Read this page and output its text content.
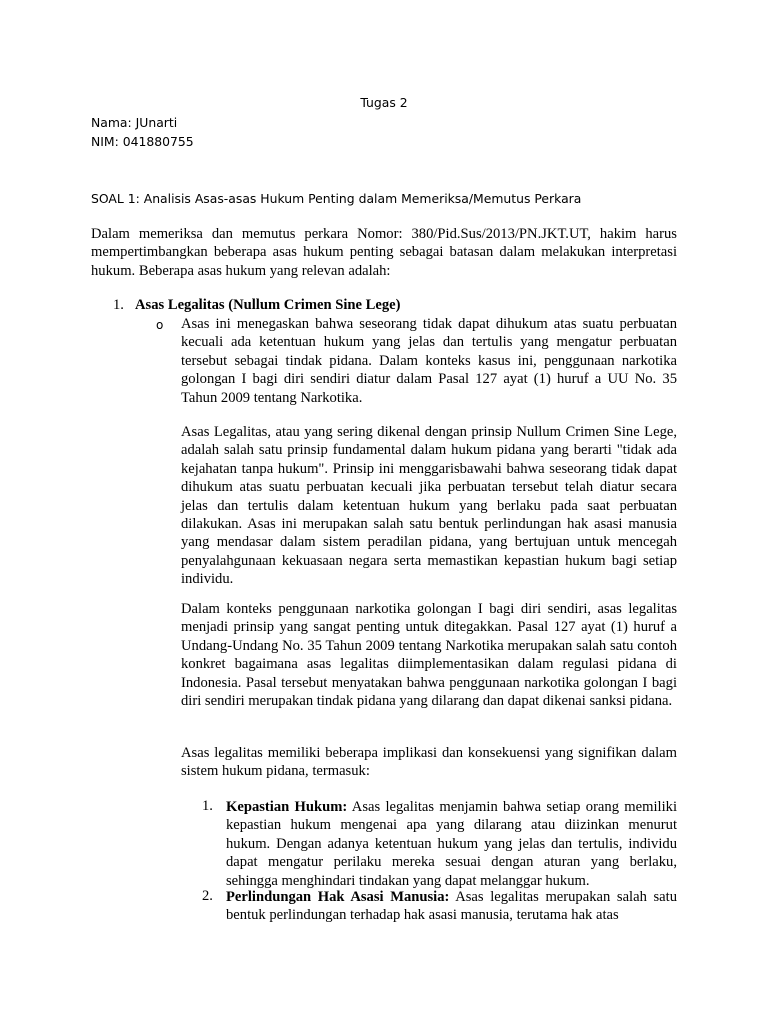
Tugas 2
Nama: JUnarti
NIM: 041880755
SOAL 1: Analisis Asas-asas Hukum Penting dalam Memeriksa/Memutus Perkara

Dalam memeriksa dan memutus perkara Nomor: 380/Pid.Sus/2013/PN.JKT.UT, hakim harus mempertimbangkan beberapa asas hukum penting sebagai batasan dalam melakukan interpretasi hukum. Beberapa asas hukum yang relevan adalah:

1. Asas Legalitas (Nullum Crimen Sine Lege)
o Asas ini menegaskan bahwa seseorang tidak dapat dihukum atas suatu perbuatan kecuali ada ketentuan hukum yang jelas dan tertulis yang mengatur perbuatan tersebut sebagai tindak pidana. Dalam konteks kasus ini, penggunaan narkotika golongan I bagi diri sendiri diatur dalam Pasal 127 ayat (1) huruf a UU No. 35 Tahun 2009 tentang Narkotika.

Asas Legalitas, atau yang sering dikenal dengan prinsip Nullum Crimen Sine Lege, adalah salah satu prinsip fundamental dalam hukum pidana yang berarti "tidak ada kejahatan tanpa hukum". Prinsip ini menggarisbawahi bahwa seseorang tidak dapat dihukum atas suatu perbuatan kecuali jika perbuatan tersebut telah diatur secara jelas dan tertulis dalam ketentuan hukum yang berlaku pada saat perbuatan dilakukan. Asas ini merupakan salah satu bentuk perlindungan hak asasi manusia yang mendasar dalam sistem peradilan pidana, yang bertujuan untuk mencegah penyalahgunaan kekuasaan negara serta memastikan kepastian hukum bagi setiap individu.

Dalam konteks penggunaan narkotika golongan I bagi diri sendiri, asas legalitas menjadi prinsip yang sangat penting untuk ditegakkan. Pasal 127 ayat (1) huruf a Undang-Undang No. 35 Tahun 2009 tentang Narkotika merupakan salah satu contoh konkret bagaimana asas legalitas diimplementasikan dalam regulasi pidana di Indonesia. Pasal tersebut menyatakan bahwa penggunaan narkotika golongan I bagi diri sendiri merupakan tindak pidana yang dilarang dan dapat dikenai sanksi pidana.

Asas legalitas memiliki beberapa implikasi dan konsekuensi yang signifikan dalam sistem hukum pidana, termasuk:

1. Kepastian Hukum: Asas legalitas menjamin bahwa setiap orang memiliki kepastian hukum mengenai apa yang dilarang atau diizinkan menurut hukum. Dengan adanya ketentuan hukum yang jelas dan tertulis, individu dapat mengatur perilaku mereka sesuai dengan aturan yang berlaku, sehingga menghindari tindakan yang dapat melanggar hukum.

2. Perlindungan Hak Asasi Manusia: Asas legalitas merupakan salah satu bentuk perlindungan terhadap hak asasi manusia, terutama hak atas
